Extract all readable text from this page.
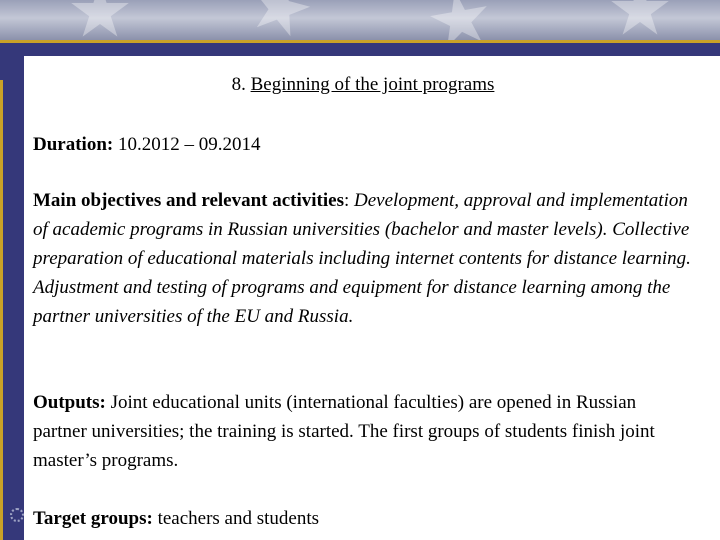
8. Beginning of the joint programs
Duration: 10.2012 – 09.2014
Main objectives and relevant activities: Development, approval and implementation of academic programs in Russian universities (bachelor and master levels). Collective preparation of educational materials including internet contents for distance learning. Adjustment and testing of programs and equipment for distance learning among the partner universities of the EU and Russia.
Outputs: Joint educational units (international faculties) are opened in Russian partner universities; the training is started. The first groups of students finish joint master’s programs.
Target groups: teachers and students
